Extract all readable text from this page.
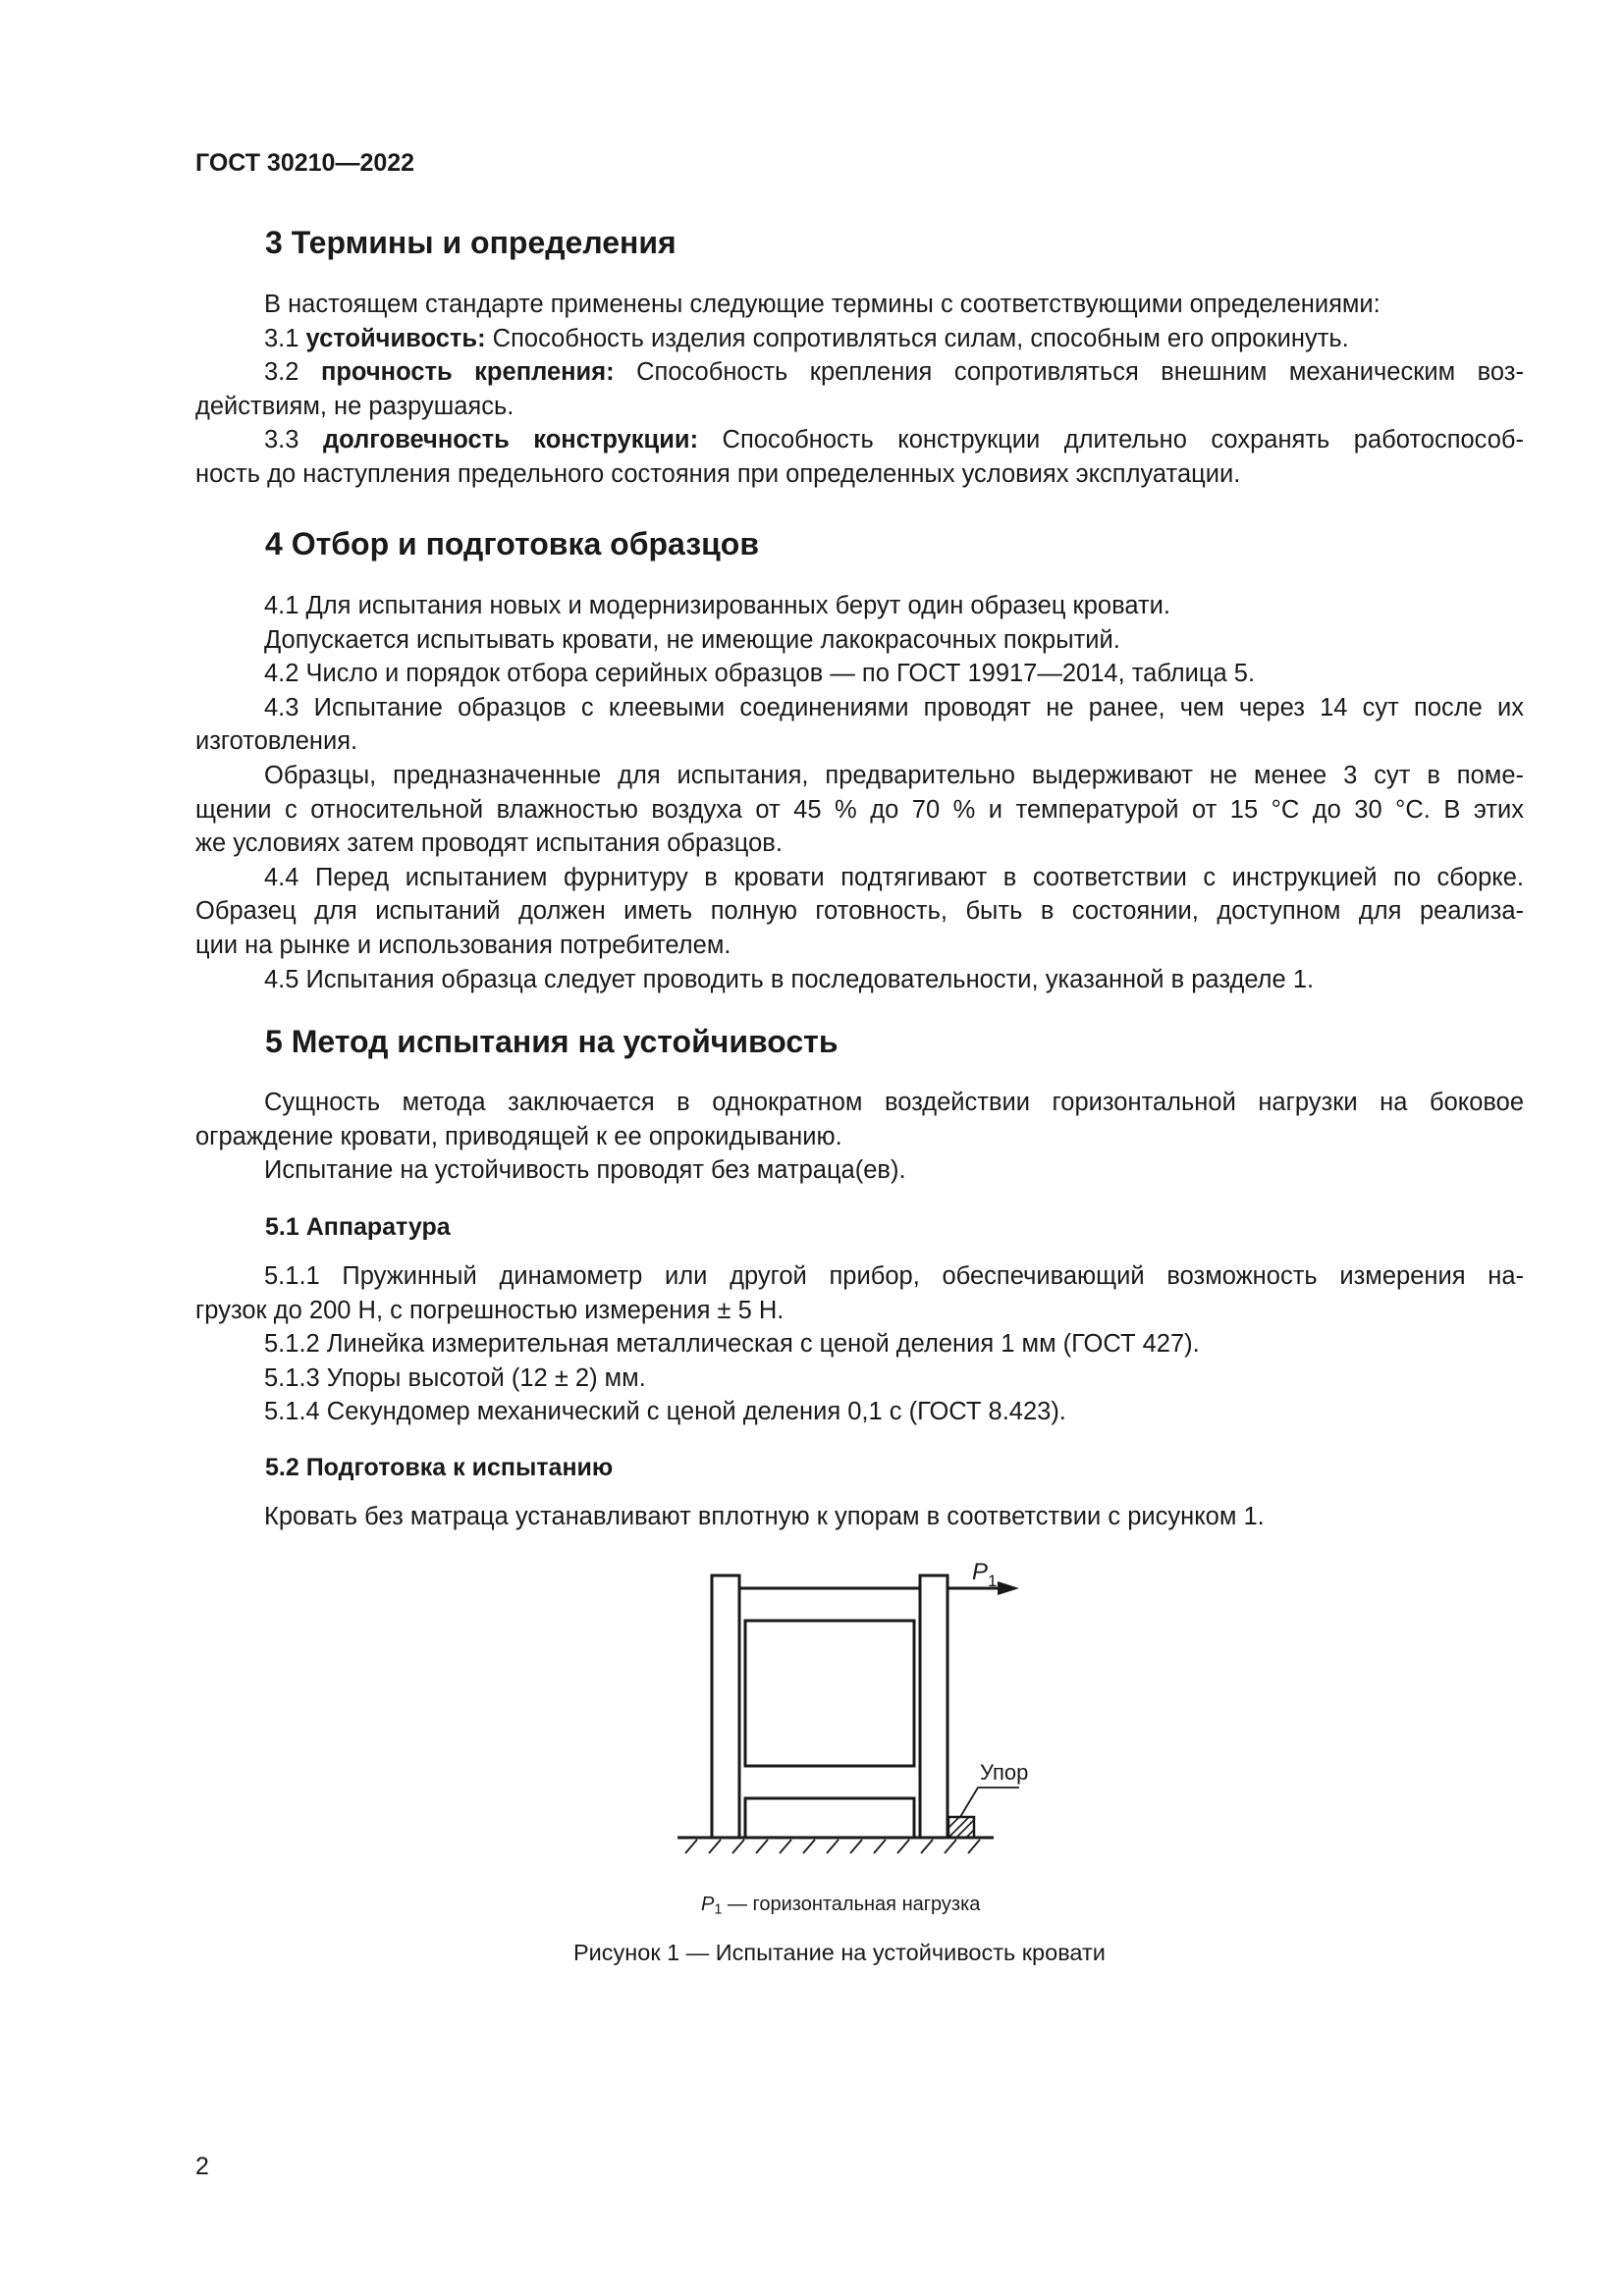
ГОСТ 30210—2022
3 Термины и определения
В настоящем стандарте применены следующие термины с соответствующими определениями:
3.1 устойчивость: Способность изделия сопротивляться силам, способным его опрокинуть.
3.2 прочность крепления: Способность крепления сопротивляться внешним механическим воз-
действиям, не разрушаясь.
3.3 долговечность конструкции: Способность конструкции длительно сохранять работоспособ-
ность до наступления предельного состояния при определенных условиях эксплуатации.
4 Отбор и подготовка образцов
4.1 Для испытания новых и модернизированных берут один образец кровати.
Допускается испытывать кровати, не имеющие лакокрасочных покрытий.
4.2 Число и порядок отбора серийных образцов — по ГОСТ 19917—2014, таблица 5.
4.3 Испытание образцов с клеевыми соединениями проводят не ранее, чем через 14 сут после их
изготовления.
Образцы, предназначенные для испытания, предварительно выдерживают не менее 3 сут в поме-
щении с относительной влажностью воздуха от 45 % до 70 % и температурой от 15 °С до 30 °С. В этих
же условиях затем проводят испытания образцов.
4.4 Перед испытанием фурнитуру в кровати подтягивают в соответствии с инструкцией по сборке.
Образец для испытаний должен иметь полную готовность, быть в состоянии, доступном для реализа-
ции на рынке и использования потребителем.
4.5 Испытания образца следует проводить в последовательности, указанной в разделе 1.
5 Метод испытания на устойчивость
Сущность метода заключается в однократном воздействии горизонтальной нагрузки на боковое
ограждение кровати, приводящей к ее опрокидыванию.
Испытание на устойчивость проводят без матраца(ев).
5.1 Аппаратура
5.1.1 Пружинный динамометр или другой прибор, обеспечивающий возможность измерения на-
грузок до 200 Н, с погрешностью измерения ± 5 Н.
5.1.2 Линейка измерительная металлическая с ценой деления 1 мм (ГОСТ 427).
5.1.3 Упоры высотой (12 ± 2) мм.
5.1.4 Секундомер механический с ценой деления 0,1 с (ГОСТ 8.423).
5.2 Подготовка к испытанию
Кровать без матраца устанавливают вплотную к упорам в соответствии с рисунком 1.
$P_1$
Упор
$P_1$ — горизонтальная нагрузка
Рисунок 1 — Испытание на устойчивость кровати
2
